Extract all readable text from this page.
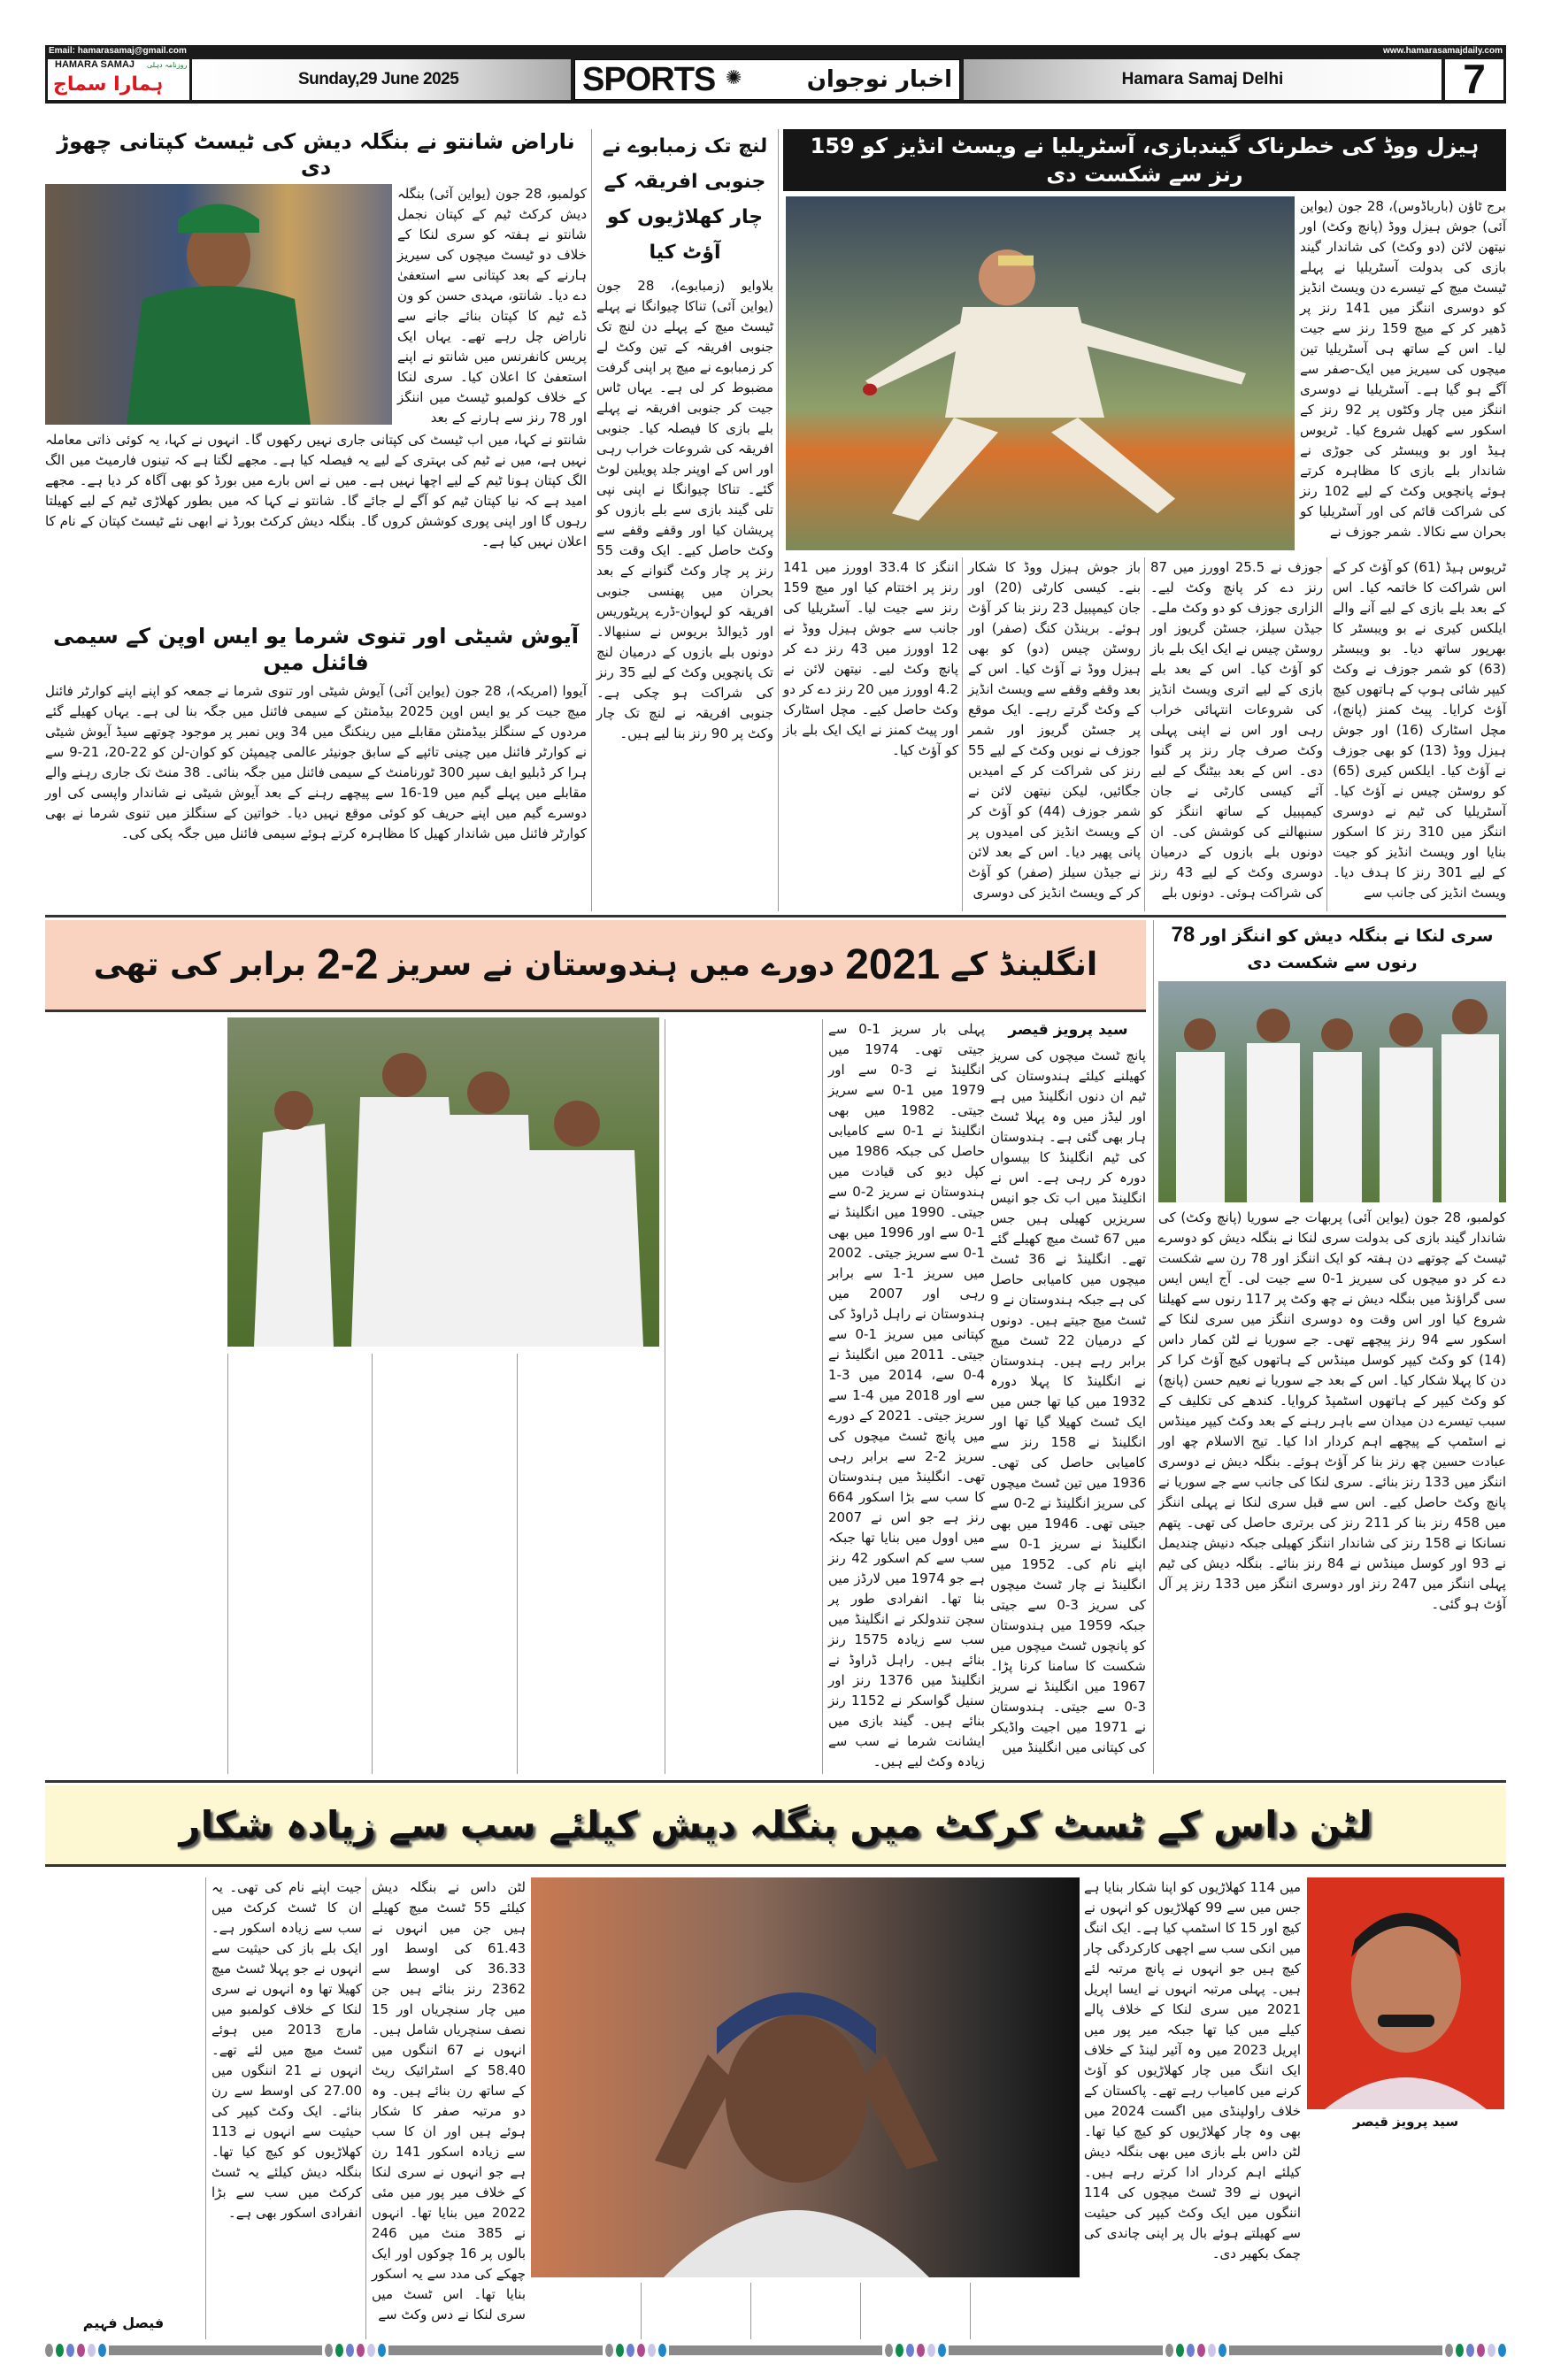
Email: hamarasamaj@gmail.com	www.hamarasamajdaily.com
HAMARA SAMAJ روزنامہ دہلی
ہمارا سماج	Sunday,29 June 2025	SPORTS ✺	اخبار نوجوان	Hamara Samaj Delhi	7
ہیزل ووڈ کی خطرناک گیندبازی، آسٹریلیا نے ویسٹ انڈیز کو 159 رنز سے شکست دی
برج ٹاؤن (بارباڈوس)، 28 جون (یواین آئی) جوش ہیزل ووڈ (پانچ وکٹ) اور نیتھن لائن (دو وکٹ) کی شاندار گیند بازی کی بدولت آسٹریلیا نے پہلے ٹیسٹ میچ کے تیسرے دن ویسٹ انڈیز کو دوسری اننگز میں 141 رنز پر ڈھیر کر کے میچ 159 رنز سے جیت لیا۔ اس کے ساتھ ہی آسٹریلیا تین میچوں کی سیریز میں ایک-صفر سے آگے ہو گیا ہے۔ آسٹریلیا نے دوسری اننگز میں چار وکٹوں پر 92 رنز کے اسکور سے کھیل شروع کیا۔ ٹریوس ہیڈ اور بو ویبسٹر کی جوڑی نے شاندار بلے بازی کا مظاہرہ کرتے ہوئے پانچویں وکٹ کے لیے 102 رنز کی شراکت قائم کی اور آسٹریلیا کو بحران سے نکالا۔ شمر جوزف نے
ٹریوس ہیڈ (61) کو آؤٹ کر کے اس شراکت کا خاتمہ کیا۔ اس کے بعد بلے بازی کے لیے آنے والے ایلکس کیری نے بو ویبسٹر کا بھرپور ساتھ دیا۔ بو ویبسٹر (63) کو شمر جوزف نے وکٹ کیپر شائی ہوپ کے ہاتھوں کیچ آؤٹ کرایا۔ پیٹ کمنز (پانچ)، مچل اسٹارک (16) اور جوش ہیزل ووڈ (13) کو بھی جوزف نے آؤٹ کیا۔ ایلکس کیری (65) کو روسٹن چیس نے آؤٹ کیا۔ آسٹریلیا کی ٹیم نے دوسری اننگز میں 310 رنز کا اسکور بنایا اور ویسٹ انڈیز کو جیت کے لیے 301 رنز کا ہدف دیا۔ ویسٹ انڈیز کی جانب سے
جوزف نے 25.5 اوورز میں 87 رنز دے کر پانچ وکٹ لیے۔ الزاری جوزف کو دو وکٹ ملے۔ جیڈن سیلز، جسٹن گریوز اور روسٹن چیس نے ایک ایک بلے باز کو آؤٹ کیا۔ اس کے بعد بلے بازی کے لیے اتری ویسٹ انڈیز کی شروعات انتہائی خراب رہی اور اس نے اپنی پہلی وکٹ صرف چار رنز پر گنوا دی۔ اس کے بعد بیٹنگ کے لیے آئے کیسی کارٹی نے جان کیمپبیل کے ساتھ اننگز کو سنبھالنے کی کوشش کی۔ ان دونوں بلے بازوں کے درمیان دوسری وکٹ کے لیے 43 رنز کی شراکت ہوئی۔ دونوں بلے
باز جوش ہیزل ووڈ کا شکار بنے۔ کیسی کارٹی (20) اور جان کیمپبیل 23 رنز بنا کر آؤٹ ہوئے۔ برینڈن کنگ (صفر) اور روسٹن چیس (دو) کو بھی ہیزل ووڈ نے آؤٹ کیا۔ اس کے بعد وقفے وقفے سے ویسٹ انڈیز کے وکٹ گرتے رہے۔ ایک موقع پر جسٹن گریوز اور شمر جوزف نے نویں وکٹ کے لیے 55 رنز کی شراکت کر کے امیدیں جگائیں، لیکن نیتھن لائن نے شمر جوزف (44) کو آؤٹ کر کے ویسٹ انڈیز کی امیدوں پر پانی پھیر دیا۔ اس کے بعد لائن نے جیڈن سیلز (صفر) کو آؤٹ کر کے ویسٹ انڈیز کی دوسری
اننگز کا 33.4 اوورز میں 141 رنز پر اختتام کیا اور میچ 159 رنز سے جیت لیا۔ آسٹریلیا کی جانب سے جوش ہیزل ووڈ نے 12 اوورز میں 43 رنز دے کر پانچ وکٹ لیے۔ نیتھن لائن نے 4.2 اوورز میں 20 رنز دے کر دو وکٹ حاصل کیے۔ مچل اسٹارک اور پیٹ کمنز نے ایک ایک بلے باز کو آؤٹ کیا۔
لنچ تک زمبابوے نے جنوبی افریقہ کے چار کھلاڑیوں کو آؤٹ کیا
بلاوایو (زمبابوے)، 28 جون (یواین آئی) تناکا چیوانگا نے پہلے ٹیسٹ میچ کے پہلے دن لنچ تک جنوبی افریقہ کے تین وکٹ لے کر زمبابوے نے میچ پر اپنی گرفت مضبوط کر لی ہے۔ یہاں ٹاس جیت کر جنوبی افریقہ نے پہلے بلے بازی کا فیصلہ کیا۔ جنوبی افریقہ کی شروعات خراب رہی اور اس کے اوپنر جلد پویلین لوٹ گئے۔ تناکا چیوانگا نے اپنی نپی تلی گیند بازی سے بلے بازوں کو پریشان کیا اور وقفے وقفے سے وکٹ حاصل کیے۔ ایک وقت 55 رنز پر چار وکٹ گنوانے کے بعد بحران میں پھنسی جنوبی افریقہ کو لہوان-ڈرے پریٹوریس اور ڈیوالڈ بریوس نے سنبھالا۔ دونوں بلے بازوں کے درمیان لنچ تک پانچویں وکٹ کے لیے 35 رنز کی شراکت ہو چکی ہے۔ جنوبی افریقہ نے لنچ تک چار وکٹ پر 90 رنز بنا لیے ہیں۔
ناراض شانتو نے بنگلہ دیش کی ٹیسٹ کپتانی چھوڑ دی
کولمبو، 28 جون (یواین آئی) بنگلہ دیش کرکٹ ٹیم کے کپتان نجمل شانتو نے ہفتہ کو سری لنکا کے خلاف دو ٹیسٹ میچوں کی سیریز ہارنے کے بعد کپتانی سے استعفیٰ دے دیا۔ شانتو، مہدی حسن کو ون ڈے ٹیم کا کپتان بنائے جانے سے ناراض چل رہے تھے۔ یہاں ایک پریس کانفرنس میں شانتو نے اپنے استعفیٰ کا اعلان کیا۔ سری لنکا کے خلاف کولمبو ٹیسٹ میں اننگز اور 78 رنز سے ہارنے کے بعد
شانتو نے کہا، میں اب ٹیسٹ کی کپتانی جاری نہیں رکھوں گا۔ انہوں نے کہا، یہ کوئی ذاتی معاملہ نہیں ہے، میں نے ٹیم کی بہتری کے لیے یہ فیصلہ کیا ہے۔ مجھے لگتا ہے کہ تینوں فارمیٹ میں الگ الگ کپتان ہونا ٹیم کے لیے اچھا نہیں ہے۔ میں نے اس بارے میں بورڈ کو بھی آگاہ کر دیا ہے۔ مجھے امید ہے کہ نیا کپتان ٹیم کو آگے لے جائے گا۔ شانتو نے کہا کہ میں بطور کھلاڑی ٹیم کے لیے کھیلتا رہوں گا اور اپنی پوری کوشش کروں گا۔ بنگلہ دیش کرکٹ بورڈ نے ابھی نئے ٹیسٹ کپتان کے نام کا اعلان نہیں کیا ہے۔
آیوش شیٹی اور تنوی شرما یو ایس اوپن کے سیمی فائنل میں
آیووا (امریکہ)، 28 جون (یواین آئی) آیوش شیٹی اور تنوی شرما نے جمعہ کو اپنے اپنے کوارٹر فائنل میچ جیت کر یو ایس اوپن 2025 بیڈمنٹن کے سیمی فائنل میں جگہ بنا لی ہے۔ یہاں کھیلے گئے مردوں کے سنگلز بیڈمنٹن مقابلے میں رینکنگ میں 34 ویں نمبر پر موجود چوتھے سیڈ آیوش شیٹی نے کوارٹر فائنل میں چینی تائپے کے سابق جونیئر عالمی چیمپئن کو کوان-لن کو 22-20، 21-9 سے ہرا کر ڈبلیو ایف سپر 300 ٹورنامنٹ کے سیمی فائنل میں جگہ بنائی۔ 38 منٹ تک جاری رہنے والے مقابلے میں پہلے گیم میں 19-16 سے پیچھے رہنے کے بعد آیوش شیٹی نے شاندار واپسی کی اور دوسرے گیم میں اپنے حریف کو کوئی موقع نہیں دیا۔ خواتین کے سنگلز میں تنوی شرما نے بھی کوارٹر فائنل میں شاندار کھیل کا مظاہرہ کرتے ہوئے سیمی فائنل میں جگہ پکی کی۔
انگلینڈ کے
2021
دورے میں ہندوستان نے سریز
2-2
برابر کی تھی
سید پرویز قیصر
پانچ ٹسٹ میچوں کی سریز کھیلنے کیلئے ہندوستان کی ٹیم ان دنوں انگلینڈ میں ہے اور لیڈز میں وہ پہلا ٹسٹ ہار بھی گئی ہے۔ ہندوستان کی ٹیم انگلینڈ کا بیسواں دورہ کر رہی ہے۔ اس نے انگلینڈ میں اب تک جو انیس سریزیں کھیلی ہیں جس میں 67 ٹسٹ میچ کھیلے گئے تھے۔ انگلینڈ نے 36 ٹسٹ میچوں میں کامیابی حاصل کی ہے جبکہ ہندوستان نے 9 ٹسٹ میچ جیتے ہیں۔ دونوں کے درمیان 22 ٹسٹ میچ برابر رہے ہیں۔ ہندوستان نے انگلینڈ کا پہلا دورہ 1932 میں کیا تھا جس میں ایک ٹسٹ کھیلا گیا تھا اور انگلینڈ نے 158 رنز سے کامیابی حاصل کی تھی۔ 1936 میں تین ٹسٹ میچوں کی سریز انگلینڈ نے 2-0 سے جیتی تھی۔ 1946 میں بھی انگلینڈ نے سریز 1-0 سے اپنے نام کی۔ 1952 میں انگلینڈ نے چار ٹسٹ میچوں کی سریز 3-0 سے جیتی جبکہ 1959 میں ہندوستان کو پانچوں ٹسٹ میچوں میں شکست کا سامنا کرنا پڑا۔ 1967 میں انگلینڈ نے سریز 3-0 سے جیتی۔ ہندوستان نے 1971 میں اجیت واڈیکر کی کپتانی میں انگلینڈ میں
پہلی بار سریز 1-0 سے جیتی تھی۔ 1974 میں انگلینڈ نے 3-0 سے اور 1979 میں 1-0 سے سریز جیتی۔ 1982 میں بھی انگلینڈ نے 1-0 سے کامیابی حاصل کی جبکہ 1986 میں کپل دیو کی قیادت میں ہندوستان نے سریز 2-0 سے جیتی۔ 1990 میں انگلینڈ نے 1-0 سے اور 1996 میں بھی 1-0 سے سریز جیتی۔ 2002 میں سریز 1-1 سے برابر رہی اور 2007 میں ہندوستان نے راہل ڈراوڈ کی کپتانی میں سریز 1-0 سے جیتی۔ 2011 میں انگلینڈ نے 4-0 سے، 2014 میں 3-1 سے اور 2018 میں 4-1 سے سریز جیتی۔ 2021 کے دورے میں پانچ ٹسٹ میچوں کی سریز 2-2 سے برابر رہی تھی۔ انگلینڈ میں ہندوستان کا سب سے بڑا اسکور 664 رنز ہے جو اس نے 2007 میں اوول میں بنایا تھا جبکہ سب سے کم اسکور 42 رنز ہے جو 1974 میں لارڈز میں بنا تھا۔ انفرادی طور پر سچن تندولکر نے انگلینڈ میں سب سے زیادہ 1575 رنز بنائے ہیں۔ راہل ڈراوڈ نے انگلینڈ میں 1376 رنز اور سنیل گواسکر نے 1152 رنز بنائے ہیں۔ گیند بازی میں ایشانت شرما نے سب سے زیادہ وکٹ لیے ہیں۔
سری لنکا نے بنگلہ دیش کو اننگز اور 78 رنوں سے شکست دی
کولمبو، 28 جون (یواین آئی) پربھات جے سوریا (پانچ وکٹ) کی شاندار گیند بازی کی بدولت سری لنکا نے بنگلہ دیش کو دوسرے ٹیسٹ کے چوتھے دن ہفتہ کو ایک اننگز اور 78 رن سے شکست دے کر دو میچوں کی سیریز 1-0 سے جیت لی۔ آج ایس ایس سی گراؤنڈ میں بنگلہ دیش نے چھ وکٹ پر 117 رنوں سے کھیلنا شروع کیا اور اس وقت وہ دوسری اننگز میں سری لنکا کے اسکور سے 94 رنز پیچھے تھی۔ جے سوریا نے لٹن کمار داس (14) کو وکٹ کیپر کوسل مینڈس کے ہاتھوں کیچ آؤٹ کرا کر دن کا پہلا شکار کیا۔ اس کے بعد جے سوریا نے نعیم حسن (پانچ) کو وکٹ کیپر کے ہاتھوں اسٹمپڈ کروایا۔ کندھے کی تکلیف کے سبب تیسرے دن میدان سے باہر رہنے کے بعد وکٹ کیپر مینڈس نے اسٹمپ کے پیچھے اہم کردار ادا کیا۔ تیج الاسلام چھ اور عبادت حسین چھ رنز بنا کر آؤٹ ہوئے۔ بنگلہ دیش نے دوسری اننگز میں 133 رنز بنائے۔ سری لنکا کی جانب سے جے سوریا نے پانچ وکٹ حاصل کیے۔ اس سے قبل سری لنکا نے پہلی اننگز میں 458 رنز بنا کر 211 رنز کی برتری حاصل کی تھی۔ پتھم نسانکا نے 158 رنز کی شاندار اننگز کھیلی جبکہ دنیش چندیمل نے 93 اور کوسل مینڈس نے 84 رنز بنائے۔ بنگلہ دیش کی ٹیم پہلی اننگز میں 247 رنز اور دوسری اننگز میں 133 رنز پر آل آؤٹ ہو گئی۔
لٹن داس کے ٹسٹ کرکٹ میں بنگلہ دیش کیلئے سب سے زیادہ شکار
سید پرویز قیصر
میں 114 کھلاڑیوں کو اپنا شکار بنایا ہے جس میں سے 99 کھلاڑیوں کو انہوں نے کیچ اور 15 کا اسٹمپ کیا ہے۔ ایک اننگ میں انکی سب سے اچھی کارکردگی چار کیچ ہیں جو انہوں نے پانچ مرتبہ لئے ہیں۔ پہلی مرتبہ انہوں نے ایسا اپریل 2021 میں سری لنکا کے خلاف پالے کیلے میں کیا تھا جبکہ میر پور میں اپریل 2023 میں وہ آئیر لینڈ کے خلاف ایک اننگ میں چار کھلاڑیوں کو آؤٹ کرنے میں کامیاب رہے تھے۔ پاکستان کے خلاف راولپنڈی میں اگست 2024 میں بھی وہ چار کھلاڑیوں کو کیچ کیا تھا۔ لٹن داس بلے بازی میں بھی بنگلہ دیش کیلئے اہم کردار ادا کرتے رہے ہیں۔ انہوں نے 39 ٹسٹ میچوں کی 114 اننگوں میں ایک وکٹ کیپر کی حیثیت سے کھیلتے ہوئے بال پر اپنی چاندی کی چمک بکھیر دی۔
لٹن داس نے بنگلہ دیش کیلئے 55 ٹسٹ میچ کھیلے ہیں جن میں انہوں نے 61.43 کی اوسط اور 36.33 کی اوسط سے 2362 رنز بنائے ہیں جن میں چار سنچریاں اور 15 نصف سنچریاں شامل ہیں۔ انہوں نے 67 اننگوں میں 58.40 کے اسٹرائیک ریٹ کے ساتھ رن بنائے ہیں۔ وہ دو مرتبہ صفر کا شکار ہوئے ہیں اور ان کا سب سے زیادہ اسکور 141 رن ہے جو انہوں نے سری لنکا کے خلاف میر پور میں مئی 2022 میں بنایا تھا۔ انہوں نے 385 منٹ میں 246 بالوں پر 16 چوکوں اور ایک چھکے کی مدد سے یہ اسکور بنایا تھا۔ اس ٹسٹ میں سری لنکا نے دس وکٹ سے
جیت اپنے نام کی تھی۔ یہ ان کا ٹسٹ کرکٹ میں سب سے زیادہ اسکور ہے۔ ایک بلے باز کی حیثیت سے انہوں نے جو پہلا ٹسٹ میچ کھیلا تھا وہ انہوں نے سری لنکا کے خلاف کولمبو میں مارچ 2013 میں ہوئے ٹسٹ میچ میں لئے تھے۔ انہوں نے 21 اننگوں میں 27.00 کی اوسط سے رن بنائے۔ ایک وکٹ کیپر کی حیثیت سے انہوں نے 113 کھلاڑیوں کو کیچ کیا تھا۔ بنگلہ دیش کیلئے یہ ٹسٹ کرکٹ میں سب سے بڑا انفرادی اسکور بھی ہے۔
فیصل فہیم
